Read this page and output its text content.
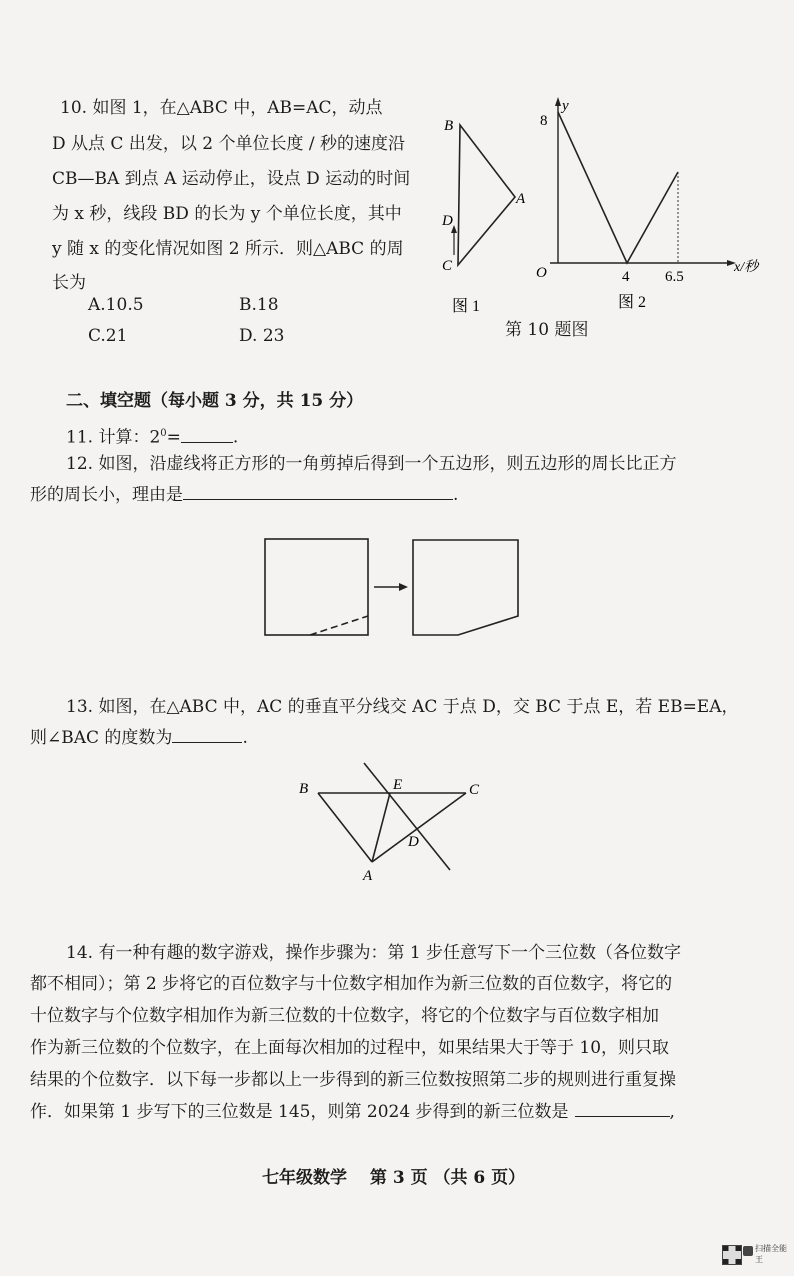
10. 如图 1，在△ABC 中，AB=AC，动点
D 从点 C 出发，以 2 个单位长度 / 秒的速度沿
CB—BA 到点 A 运动停止，设点 D 运动的时间
为 x 秒，线段 BD 的长为 y 个单位长度，其中
y 随 x 的变化情况如图 2 所示．则△ABC 的周
长为
A.10.5	B.18
C.21	D. 23
B
A
D
C
图 1
y
8
O	4 6.5
x/秒
图 2
第 10 题图
二、填空题（每小题 3 分，共 15 分）
11. 计算：$2^0=$	.
12. 如图，沿虚线将正方形的一角剪掉后得到一个五边形，则五边形的周长比正方
形的周长小，理由是	.
13. 如图，在△ABC 中，AC 的垂直平分线交 AC 于点 D，交 BC 于点 E，若 EB=EA，
则∠BAC 的度数为	.
B	E	C
D
A
14. 有一种有趣的数字游戏，操作步骤为：第 1 步任意写下一个三位数（各位数字
都不相同）；第 2 步将它的百位数字与十位数字相加作为新三位数的百位数字，将它的
十位数字与个位数字相加作为新三位数的十位数字，将它的个位数字与百位数字相加
作为新三位数的个位数字，在上面每次相加的过程中，如果结果大于等于 10，则只取
结果的个位数字．以下每一步都以上一步得到的新三位数按照第二步的规则进行重复操
作．如果第 1 步写下的三位数是 145，则第 2024 步得到的新三位数是	,
七年级数学　 第 3 页 （共 6 页）
扫描全能王
